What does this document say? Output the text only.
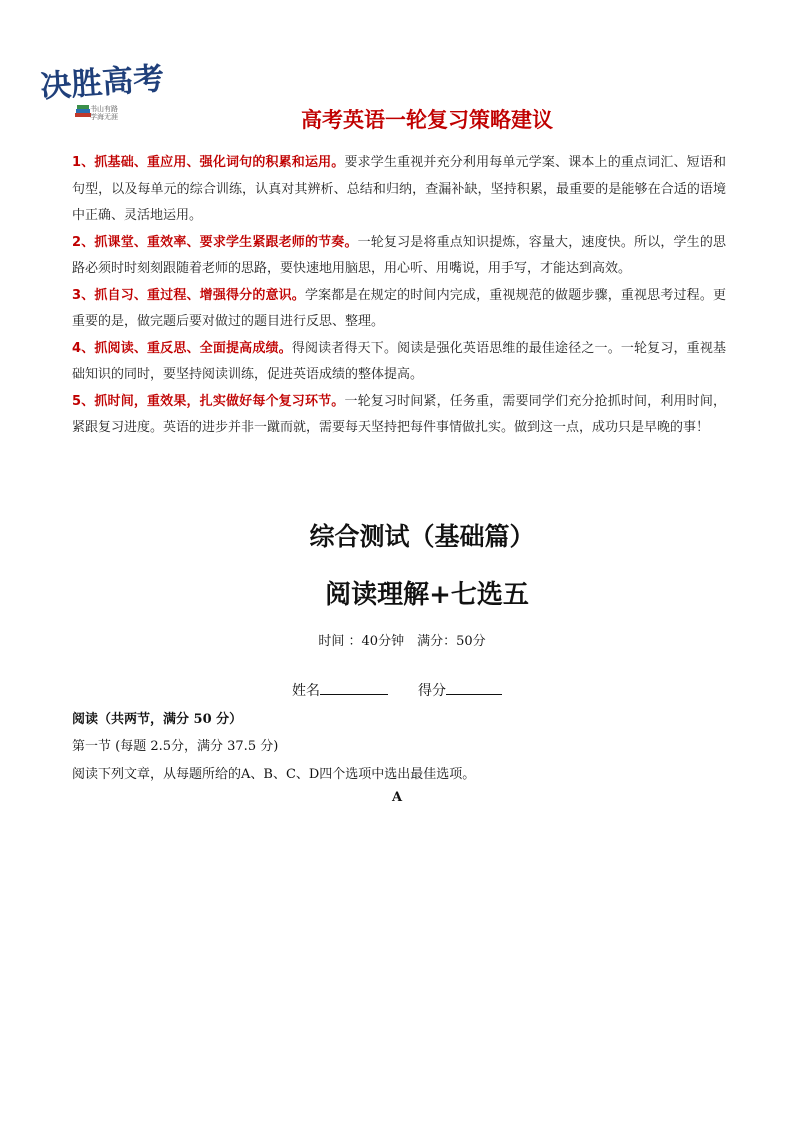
决胜高考
书山有路
学海无涯	高考英语一轮复习策略建议

1、抓基础、重应用、强化词句的积累和运用。要求学生重视并充分利用每单元学案、课本上的重点词汇、短语和句型，以及每单元的综合训练，认真对其辨析、总结和归纳，查漏补缺，坚持积累，最重要的是能够在合适的语境中正确、灵活地运用。

2、抓课堂、重效率、要求学生紧跟老师的节奏。一轮复习是将重点知识提炼，容量大，速度快。所以，学生的思路必须时时刻刻跟随着老师的思路，要快速地用脑思，用心听、用嘴说，用手写，才能达到高效。

3、抓自习、重过程、增强得分的意识。学案都是在规定的时间内完成，重视规范的做题步骤，重视思考过程。更重要的是，做完题后要对做过的题目进行反思、整理。

4、抓阅读、重反思、全面提高成绩。得阅读者得天下。阅读是强化英语思维的最佳途径之一。一轮复习，重视基础知识的同时，要坚持阅读训练，促进英语成绩的整体提高。

5、抓时间，重效果，扎实做好每个复习环节。一轮复习时间紧，任务重，需要同学们充分抢抓时间，利用时间，紧跟复习进度。英语的进步并非一蹴而就，需要每天坚持把每件事情做扎实。做到这一点，成功只是早晚的事！

综合测试（基础篇）
阅读理解+七选五
时间 ：40分钟　满分：50分
姓名	得分
阅读（共两节，满分 50 分）
第一节 (每题 2.5分，满分 37.5 分)
阅读下列文章，从每题所给的A、B、C、D四个选项中选出最佳选项。
A
